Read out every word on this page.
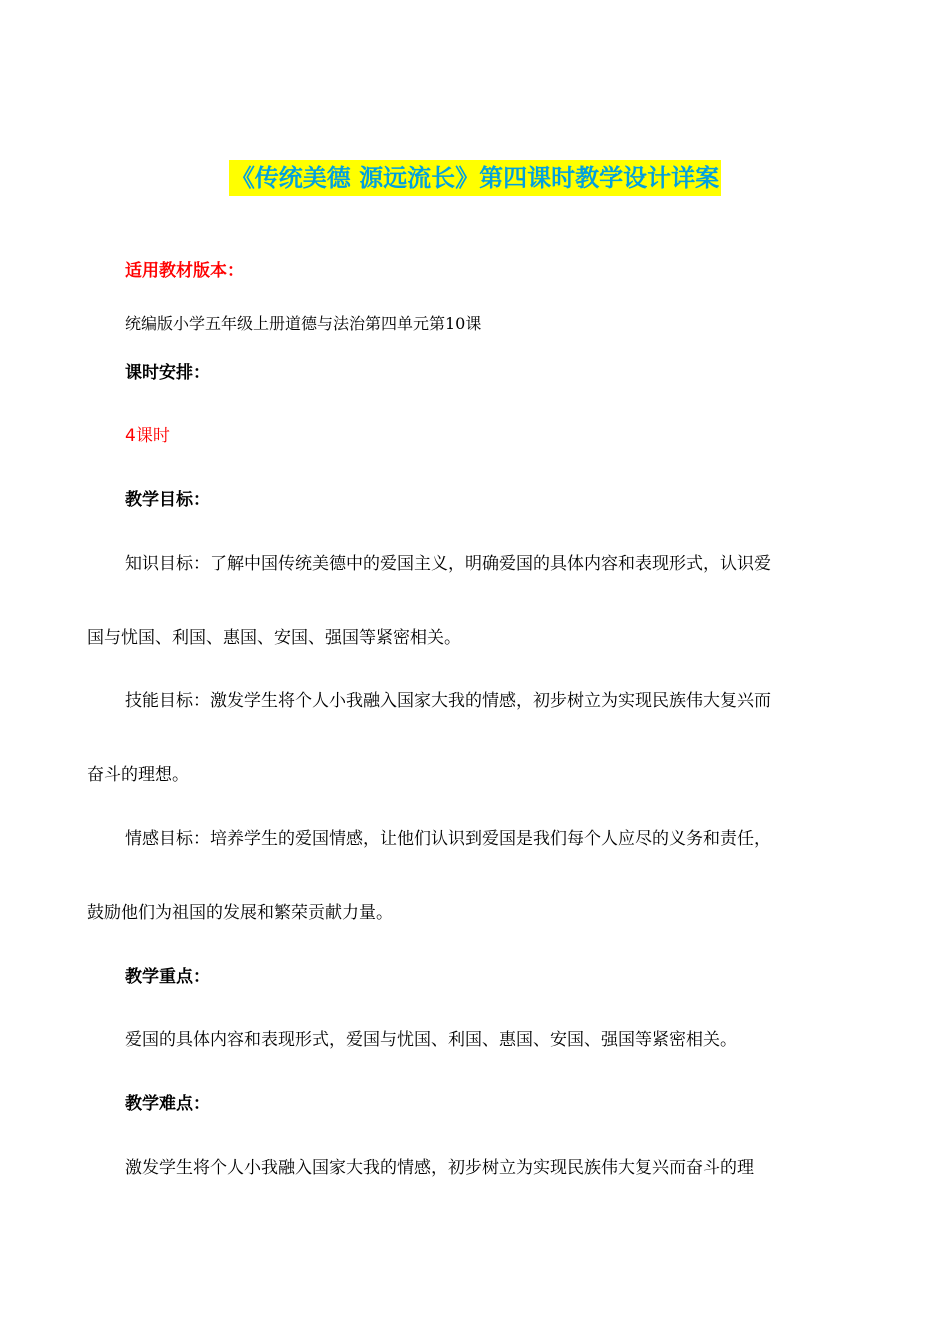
《传统美德 源远流长》第四课时教学设计详案
适用教材版本：
统编版小学五年级上册道德与法治第四单元第10课
课时安排：
4课时
教学目标：
知识目标：了解中国传统美德中的爱国主义，明确爱国的具体内容和表现形式，认识爱
国与忧国、利国、惠国、安国、强国等紧密相关。
技能目标：激发学生将个人小我融入国家大我的情感，初步树立为实现民族伟大复兴而
奋斗的理想。
情感目标：培养学生的爱国情感，让他们认识到爱国是我们每个人应尽的义务和责任，
鼓励他们为祖国的发展和繁荣贡献力量。
教学重点：
爱国的具体内容和表现形式，爱国与忧国、利国、惠国、安国、强国等紧密相关。
教学难点：
激发学生将个人小我融入国家大我的情感，初步树立为实现民族伟大复兴而奋斗的理
